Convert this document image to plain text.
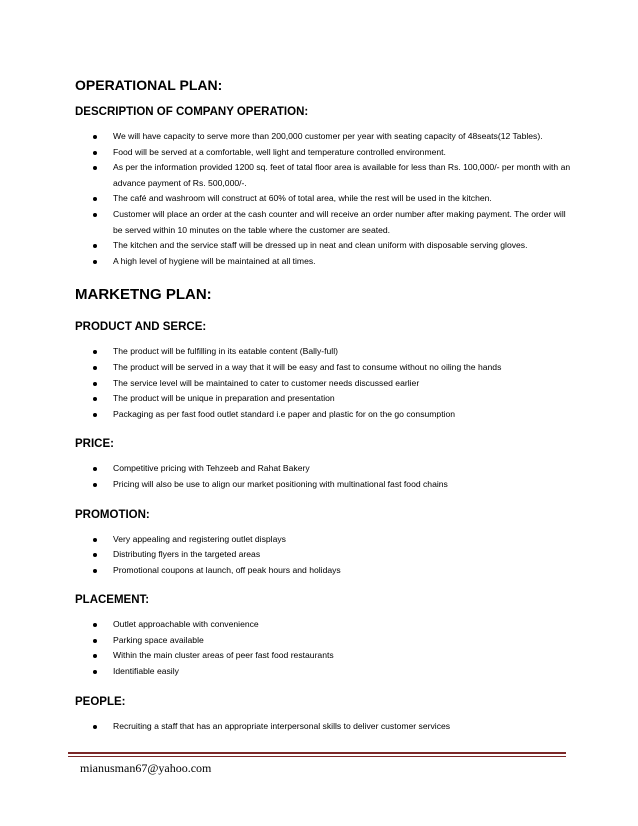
OPERATIONAL PLAN:
DESCRIPTION OF COMPANY OPERATION:
We will have capacity to serve more than 200,000 customer per year with seating capacity of 48seats(12 Tables).
Food will be served at a comfortable, well light and temperature controlled environment.
As per the information provided 1200 sq. feet of tatal floor area is available for less than Rs. 100,000/- per month with an advance payment of Rs. 500,000/-.
The café and washroom will construct at 60% of total area, while the rest will be used in the kitchen.
Customer will place an order at the cash counter and will receive an order number after making payment. The order will be served within 10 minutes on the table where the customer are seated.
The kitchen and the service staff will be dressed up in neat and clean uniform with disposable serving gloves.
A high level of hygiene will be maintained at all times.
MARKETNG PLAN:
PRODUCT AND SERCE:
The product will be fulfilling in its eatable content (Bally-full)
The product will be served in a way that it will be easy and fast to consume without no oiling the hands
The service level will be maintained to cater to customer needs discussed earlier
The product will be unique in preparation and presentation
Packaging as per fast food outlet standard i.e paper and plastic for on the go consumption
PRICE:
Competitive pricing with Tehzeeb and Rahat Bakery
Pricing will also be use to align our market positioning with multinational fast food chains
PROMOTION:
Very appealing and registering outlet displays
Distributing flyers in the targeted areas
Promotional coupons at launch, off peak hours and holidays
PLACEMENT:
Outlet approachable with convenience
Parking space available
Within the main cluster areas of peer fast food restaurants
Identifiable easily
PEOPLE:
Recruiting a staff that has an appropriate interpersonal skills to deliver customer services
mianusman67@yahoo.com
